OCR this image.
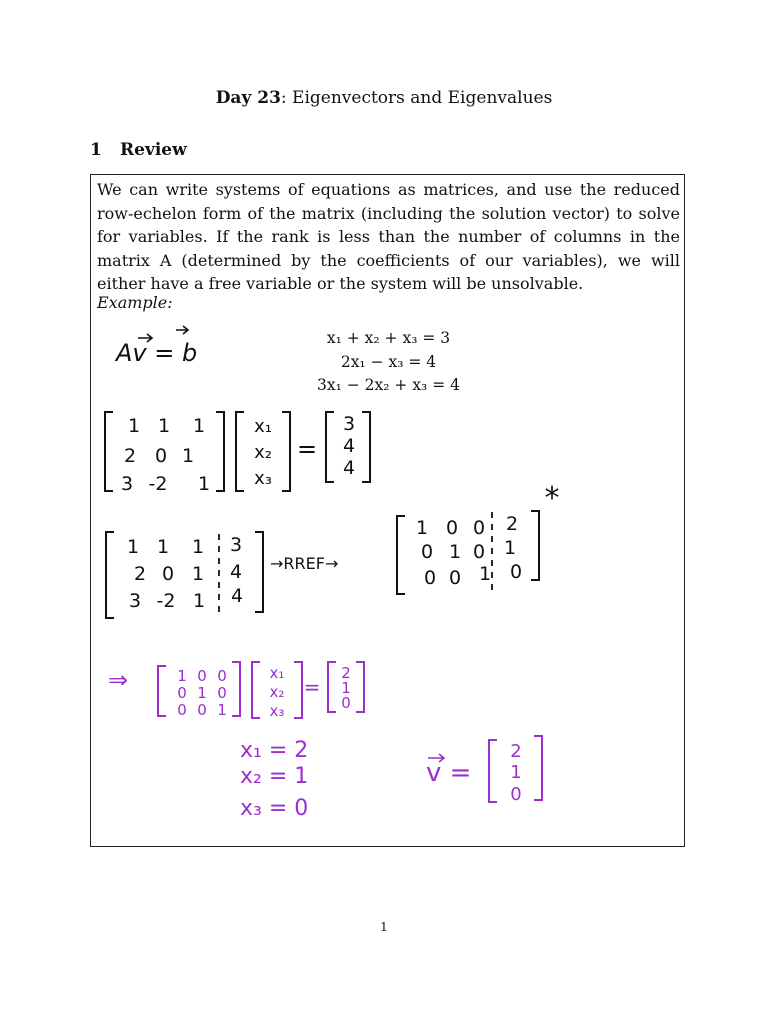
Day 23: Eigenvectors and Eigenvalues
1 Review
We can write systems of equations as matrices, and use the reduced row-echelon form of the matrix (including the solution vector) to solve for variables. If the rank is less than the number of columns in the matrix A (determined by the coefficients of our variables), we will either have a free variable or the system will be unsolvable.
Example:
x₁ + x₂ + x₃ = 3
2x₁ − x₃ = 4
3x₁ − 2x₂ + x₃ = 4
Av = b
1 1 1
2 0 1
3 -2 1
x₁
x₂
x₃
=
3
4
4
1 1 1 3
2 0 1 4
3 -2 1 4
→RREF→
1 0 0 2
0 1 0 1
0 0 1 0
*
⇒	1 0 0
0 1 0
0 0 1
x₁
x₂
x₃
=
2
1
0
x₁ = 2
x₂ = 1
x₃ = 0
v =
2
1
0
1
